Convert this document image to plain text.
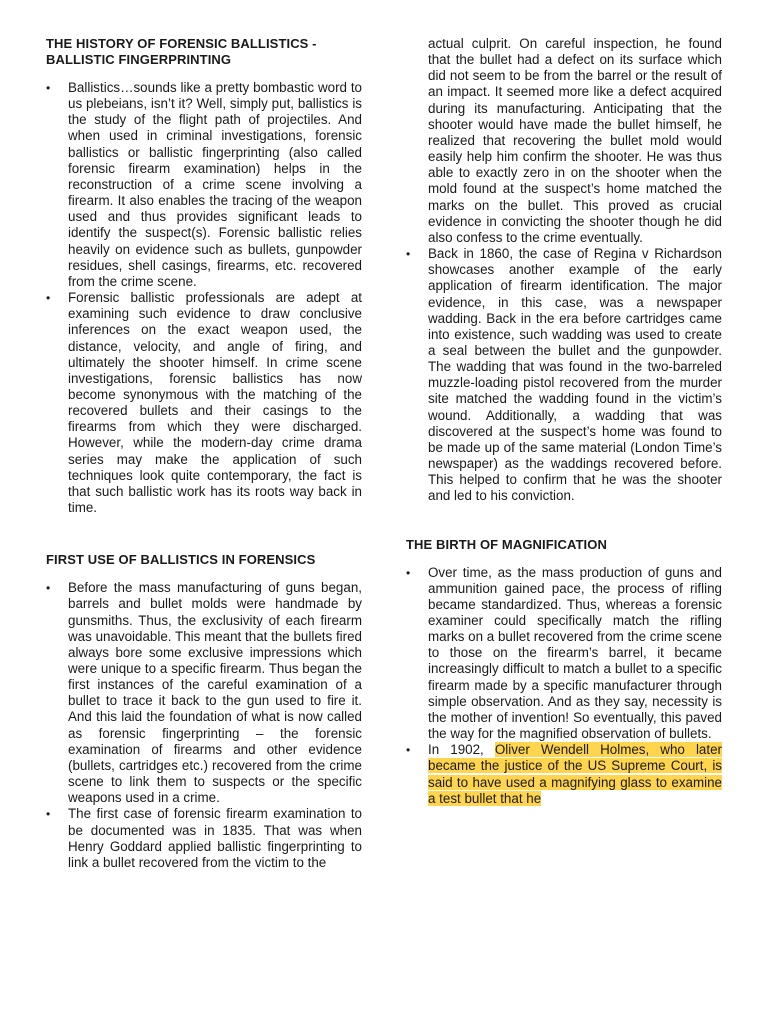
THE HISTORY OF FORENSIC BALLISTICS -
BALLISTIC FINGERPRINTING
• Ballistics…sounds like a pretty bombastic word to us plebeians, isn’t it? Well, simply put, ballistics is the study of the flight path of projectiles. And when used in criminal investigations, forensic ballistics or ballistic fingerprinting (also called forensic firearm examination) helps in the reconstruction of a crime scene involving a firearm. It also enables the tracing of the weapon used and thus provides significant leads to identify the suspect(s). Forensic ballistic relies heavily on evidence such as bullets, gunpowder residues, shell casings, firearms, etc. recovered from the crime scene.
• Forensic ballistic professionals are adept at examining such evidence to draw conclusive inferences on the exact weapon used, the distance, velocity, and angle of firing, and ultimately the shooter himself. In crime scene investigations, forensic ballistics has now become synonymous with the matching of the recovered bullets and their casings to the firearms from which they were discharged. However, while the modern-day crime drama series may make the application of such techniques look quite contemporary, the fact is that such ballistic work has its roots way back in time.
FIRST USE OF BALLISTICS IN FORENSICS
• Before the mass manufacturing of guns began, barrels and bullet molds were handmade by gunsmiths. Thus, the exclusivity of each firearm was unavoidable. This meant that the bullets fired always bore some exclusive impressions which were unique to a specific firearm. Thus began the first instances of the careful examination of a bullet to trace it back to the gun used to fire it. And this laid the foundation of what is now called as forensic fingerprinting – the forensic examination of firearms and other evidence (bullets, cartridges etc.) recovered from the crime scene to link them to suspects or the specific weapons used in a crime.
• The first case of forensic firearm examination to be documented was in 1835. That was when Henry Goddard applied ballistic fingerprinting to link a bullet recovered from the victim to the
actual culprit. On careful inspection, he found that the bullet had a defect on its surface which did not seem to be from the barrel or the result of an impact. It seemed more like a defect acquired during its manufacturing. Anticipating that the shooter would have made the bullet himself, he realized that recovering the bullet mold would easily help him confirm the shooter. He was thus able to exactly zero in on the shooter when the mold found at the suspect’s home matched the marks on the bullet. This proved as crucial evidence in convicting the shooter though he did also confess to the crime eventually.
• Back in 1860, the case of Regina v Richardson showcases another example of the early application of firearm identification. The major evidence, in this case, was a newspaper wadding. Back in the era before cartridges came into existence, such wadding was used to create a seal between the bullet and the gunpowder. The wadding that was found in the two-barreled muzzle-loading pistol recovered from the murder site matched the wadding found in the victim’s wound. Additionally, a wadding that was discovered at the suspect’s home was found to be made up of the same material (London Time’s newspaper) as the waddings recovered before. This helped to confirm that he was the shooter and led to his conviction.
THE BIRTH OF MAGNIFICATION
• Over time, as the mass production of guns and ammunition gained pace, the process of rifling became standardized. Thus, whereas a forensic examiner could specifically match the rifling marks on a bullet recovered from the crime scene to those on the firearm’s barrel, it became increasingly difficult to match a bullet to a specific firearm made by a specific manufacturer through simple observation. And as they say, necessity is the mother of invention! So eventually, this paved the way for the magnified observation of bullets.
• In 1902, Oliver Wendell Holmes, who later became the justice of the US Supreme Court, is said to have used a magnifying glass to examine a test bullet that he
